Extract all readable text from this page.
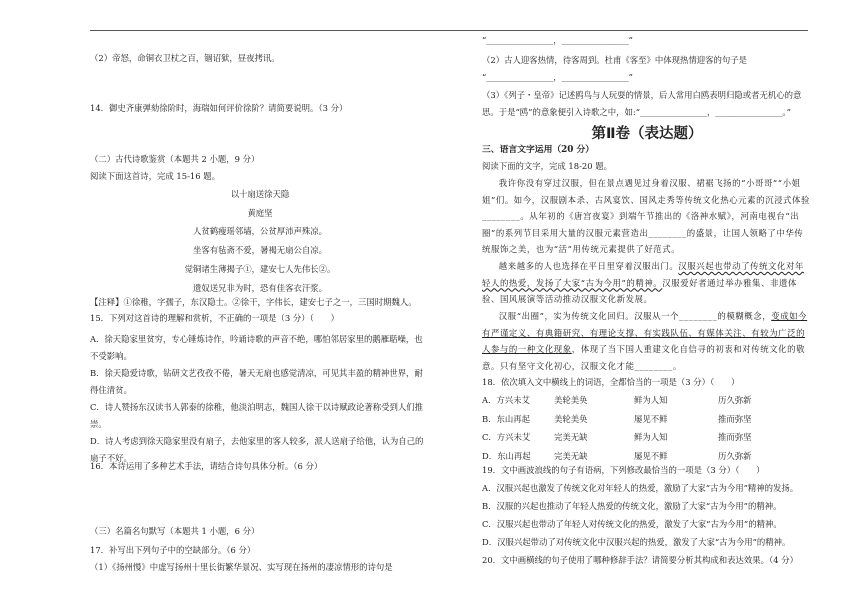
（2）帝怒，命铜衣卫杖之百，锢诏狱，昼夜拷讯。
14．御史齐康弹劾徐阶时，海瑞如何评价徐阶？请简要说明。（3 分）
（二）古代诗歌鉴赏（本题共 2 小题，9 分）
阅读下面这首诗，完成 15-16 题。
以十扇送徐天隐
黄庭坚
人贫鹤瘦瑶邻墙，公贫厚沛声殊凉。
坐客有毡斋不爱，暑褐无扇公自凉。
觉铜诸生薄揭子①，建安七人先伟长②。
遗奴送兄非为时，恐有佳客衣汗浆。
【注释】①徐稚，字孺子，东汉隐士。②徐干，字伟长，建安七子之一，三国时期魏人。
15．下列对这首诗的理解和赏析，不正确的一项是（3 分）（　　）
A．徐天隐家里贫穷，专心锤炼诗作，吟诵诗歌的声音不绝，哪怕邻居家里的鹅雁聒噪，也不受影响。
B．徐天隐爱诗歌，钻研文艺孜孜不倦，暑天无扇也感觉清凉，可见其丰盈的精神世界，耐得住清贫。
C．诗人赞扬东汉读书人郭泰的徐稚，他淡泊明志，魏国人徐干以诗赋政论著称受到人们推崇。
D．诗人考虑到徐天隐家里没有扇子，去他家里的客人较多，派人送扇子给他，认为自己的扇子不好。
16．本诗运用了多种艺术手法，请结合诗句具体分析。（6 分）
（三）名篇名句默写（本题共 1 小题，6 分）
17．补写出下列句子中的空缺部分。（6 分）
（1）《扬州慢》中虚写扬州十里长街繁华景况、实写现在扬州的凄凉情形的诗句是
“________________，________________”
（2）古人迎客热情，待客周到。杜甫《客至》中体现热情迎客的句子是
“________________，________________”
（3）《列子・皇帝》记述鸥鸟与人玩耍的情景，后人常用白鸥表明归隐或者无机心的意思。于是“鸥”的意象便引入诗歌之中，如:“________________，________________。”
第Ⅱ卷（表达题）
三、语言文字运用（20 分）
阅读下面的文字，完成 18-20 题。
我许你没有穿过汉服，但在景点遇见过身着汉服、裙裾飞扬的“小哥哥”“小姐姐”们。如今，汉服剧本杀、古风宴饮、国风走秀等传统文化热心元素的沉浸式体验________。从年初的《唐宫夜宴》到端午节推出的《洛神水赋》，河南电视台“出圈”的系列节目采用大量的汉服元素营造出________的盛景，让国人领略了中华传统服饰之美，也为“活”用传统元素提供了好范式。
越来越多的人也选择在平日里穿着汉服出门。汉服兴起也带动了传统文化对年轻人的热爱，发扬了大家“古为今用”的精神。汉服爱好者通过举办雅集、非遗体验、国风展演等活动推动汉服文化新发展。
汉服“出圈”，实为传统文化回归。汉服从一个________的模糊概念，变成如今有严谨定义、有典籍研究、有理论支撑、有实践队伍、有媒体关注、有较为广泛的人参与的一种文化现象，体现了当下国人重建文化自信寻的初衷和对传统文化的敬意。只有坚守文化初心，汉服文化才能________。
18．依次填入文中横线上的词语，全都恰当的一项是（3 分）（　　）
A．方兴未艾	美轮美奂	鲜为人知	历久弥新
B．东山再起	美轮美奂	屡见不鲜	推而弥坚
C．方兴未艾	完美无缺	鲜为人知	推而弥坚
D．东山再起	完美无缺	屡见不鲜	历久弥新
19．文中画波浪线的句子有语病，下列修改最恰当的一项是（3 分）（　　）
A．汉服兴起也激发了传统文化对年轻人的热爱，激励了大家“古为今用”精神的发扬。
B．汉服的兴起也推动了年轻人热爱的传统文化，激励了大家“古为今用”的精神。
C．汉服兴起也带动了年轻人对传统文化的热爱，激发了大家“古为今用”的精神。
D．汉服兴起带动了对传统文化中汉服兴起的热爱，激发了大家“古为今用”的精神。
20．文中画横线的句子使用了哪种修辞手法？请简要分析其构成和表达效果。（4 分）
